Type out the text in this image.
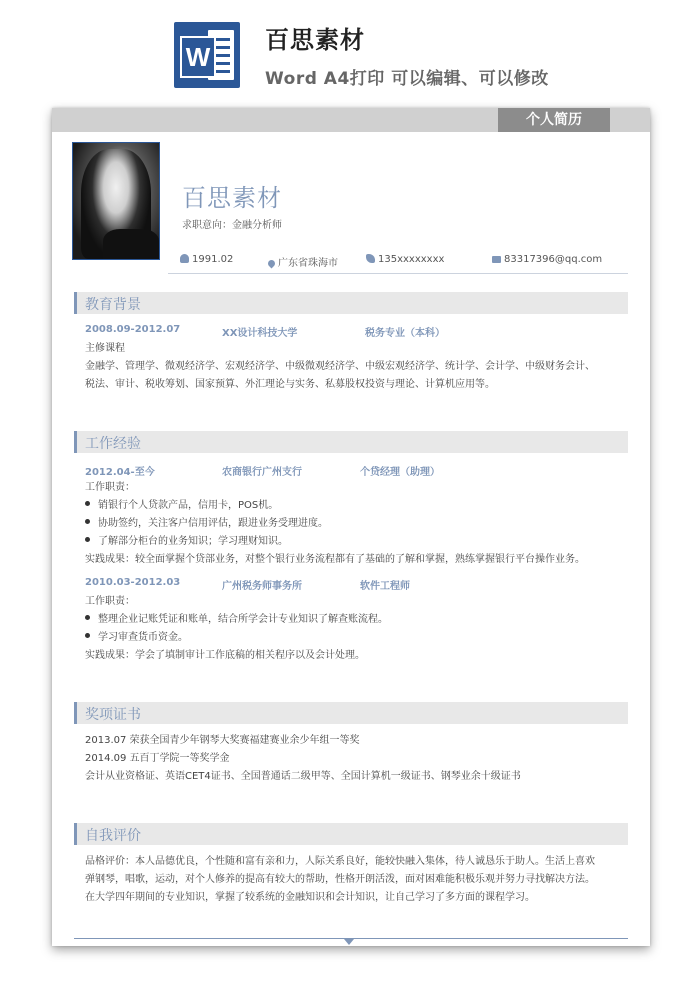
W
百思素材
Word A4打印 可以编辑、可以修改
个人简历
百思素材
求职意向：金融分析师
1991.02	广东省珠海市	135xxxxxxxx	83317396@qq.com
教育背景
2008.09-2012.07	XX设计科技大学	税务专业（本科）
主修课程
金融学、管理学、微观经济学、宏观经济学、中级微观经济学、中级宏观经济学、统计学、会计学、中级财务会计、
税法、审计、税收筹划、国家预算、外汇理论与实务、私募股权投资与理论、计算机应用等。
工作经验
2012.04-至今	农商银行广州支行	个贷经理（助理）
工作职责：
销银行个人贷款产品，信用卡，POS机。
协助签约，关注客户信用评估，跟进业务受理进度。
了解部分柜台的业务知识；学习理财知识。
实践成果：较全面掌握个贷部业务，对整个银行业务流程都有了基础的了解和掌握，熟练掌握银行平台操作业务。
2010.03-2012.03	广州税务师事务所	软件工程师
工作职责：
整理企业记账凭证和账单，结合所学会计专业知识了解查账流程。
学习审查货币资金。
实践成果：学会了填制审计工作底稿的相关程序以及会计处理。
奖项证书
2013.07 荣获全国青少年钢琴大奖赛福建赛业余少年组一等奖
2014.09 五百丁学院一等奖学金
会计从业资格证、英语CET4证书、全国普通话二级甲等、全国计算机一级证书、钢琴业余十级证书
自我评价
品格评价：本人品德优良，个性随和富有亲和力，人际关系良好，能较快融入集体，待人诚恳乐于助人。生活上喜欢
弹钢琴，唱歌，运动，对个人修养的提高有较大的帮助，性格开朗活泼，面对困难能积极乐观并努力寻找解决方法。
在大学四年期间的专业知识，掌握了较系统的金融知识和会计知识，让自己学习了多方面的课程学习。
